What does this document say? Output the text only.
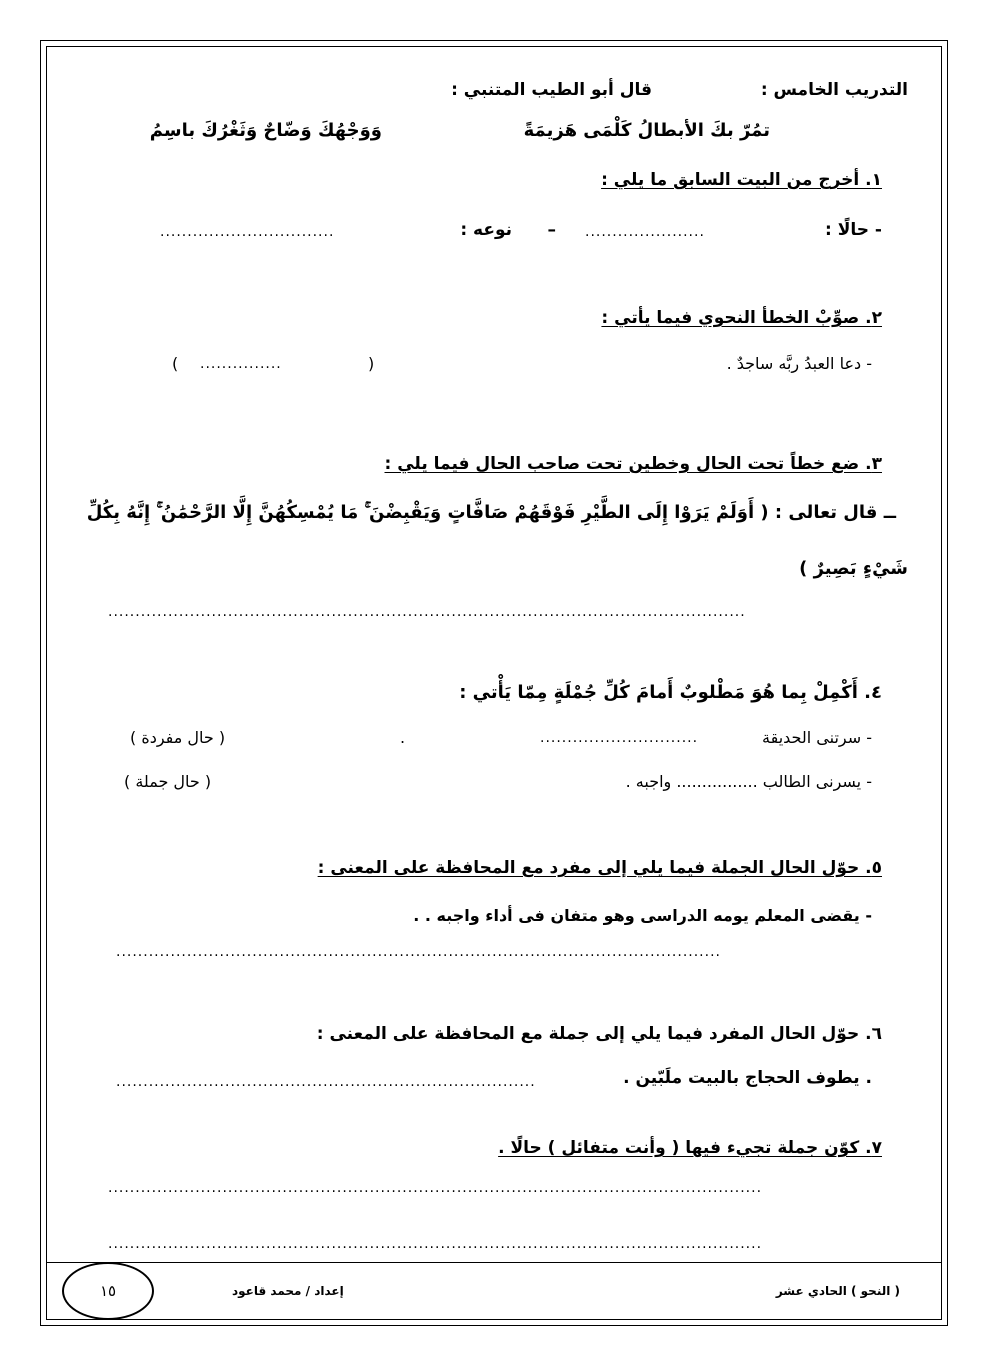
التدريب الخامس :
قال أبو الطيب المتنبي :
تمُرّ بكَ الأبطالُ كَلْمَى هَزيمَةً
وَوَجْهُكَ وَضّاحٌ وَثَغْرُكَ باسِمُ
١. أخرج من البيت السابق ما يلي :
- حالًا :
......................
–
نوعه :
................................
٢. صوِّبْ الخطأ النحوي فيما يأتي :
- دعا العبدُ ربَّه ساجدٌ .
(
...............
)
٣. ضع خطاً تحت الحال وخطين تحت صاحب الحال فيما يلي :
ــ قال تعالى : ( أَوَلَمْ يَرَوْا إِلَى الطَّيْرِ فَوْقَهُمْ صَافَّاتٍ وَيَقْبِضْنَ ۚ مَا يُمْسِكُهُنَّ إِلَّا الرَّحْمَٰنُ ۚ إِنَّهُ بِكُلِّ
شَيْءٍ بَصِيرٌ )
.....................................................................................................................
٤. أَكْمِلْ بِما هُوَ مَطْلوبٌ أَمامَ كُلِّ جُمْلَةٍ مِمّا يَأْتي :
- سرتنى الحديقة
.............................
.
( حال مفردة )
- يسرنى الطالب ................ واجبه .
( حال جملة )
٥. حوّل الحال الجملة فيما يلي إلى مفرد مع المحافظة على المعنى :
- يقضى المعلم يومه الدراسى وهو متفان فى أداء واجبه . .
...............................................................................................................
٦. حوّل الحال المفرد فيما يلي إلى جملة مع المحافظة على المعنى :
. يطوف الحجاج بالبيت ملَبّين .
.............................................................................
٧. كوّن جملة تجيء فيها ( وأنت متفائل ) حالًا .
........................................................................................................................
........................................................................................................................
( النحو ) الحادي عشر
إعداد / محمد قاعود
١٥
